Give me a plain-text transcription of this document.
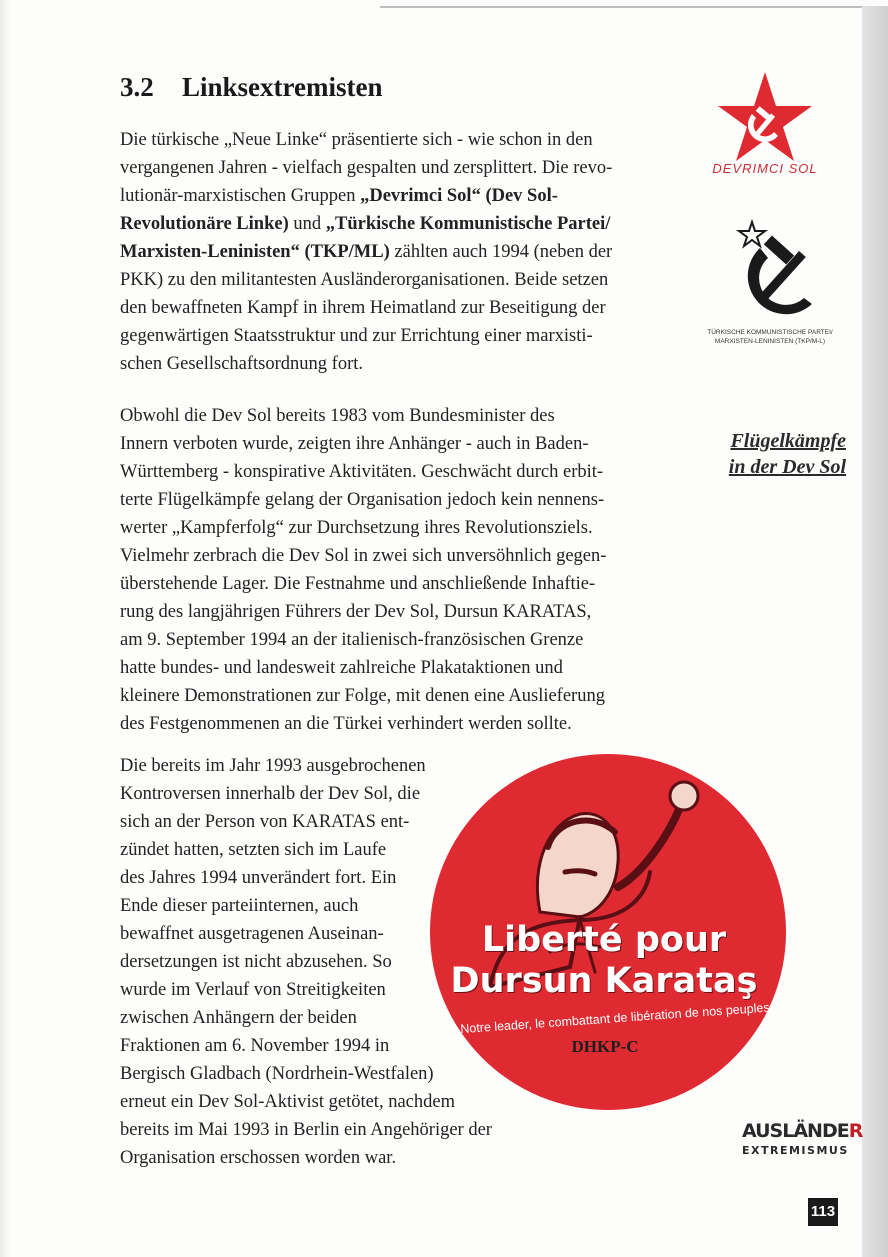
3.2 Linksextremisten
Die türkische „Neue Linke“ präsentierte sich - wie schon in den
vergangenen Jahren - vielfach gespalten und zersplittert. Die revo-
lutionär-marxistischen Gruppen „Devrimci Sol“ (Dev Sol-
Revolutionäre Linke) und „Türkische Kommunistische Partei/
Marxisten-Leninisten“ (TKP/ML) zählten auch 1994 (neben der
PKK) zu den militantesten Ausländerorganisationen. Beide setzen
den bewaffneten Kampf in ihrem Heimatland zur Beseitigung der
gegenwärtigen Staatsstruktur und zur Errichtung einer marxisti-
schen Gesellschaftsordnung fort.
Obwohl die Dev Sol bereits 1983 vom Bundesminister des
Innern verboten wurde, zeigten ihre Anhänger - auch in Baden-
Württemberg - konspirative Aktivitäten. Geschwächt durch erbit-
terte Flügelkämpfe gelang der Organisation jedoch kein nennens-
werter „Kampferfolg“ zur Durchsetzung ihres Revolutionsziels.
Vielmehr zerbrach die Dev Sol in zwei sich unversöhnlich gegen-
überstehende Lager. Die Festnahme und anschließende Inhaftie-
rung des langjährigen Führers der Dev Sol, Dursun KARATAS,
am 9. September 1994 an der italienisch-französischen Grenze
hatte bundes- und landesweit zahlreiche Plakataktionen und
kleinere Demonstrationen zur Folge, mit denen eine Auslieferung
des Festgenommenen an die Türkei verhindert werden sollte.
Die bereits im Jahr 1993 ausgebrochenen
Kontroversen innerhalb der Dev Sol, die
sich an der Person von KARATAS ent-
zündet hatten, setzten sich im Laufe
des Jahres 1994 unverändert fort. Ein
Ende dieser parteiinternen, auch
bewaffnet ausgetragenen Auseinan-
dersetzungen ist nicht abzusehen. So
wurde im Verlauf von Streitigkeiten
zwischen Anhängern der beiden
Fraktionen am 6. November 1994 in
Bergisch Gladbach (Nordrhein-Westfalen)
erneut ein Dev Sol-Aktivist getötet, nachdem
bereits im Mai 1993 in Berlin ein Angehöriger der
Organisation erschossen worden war.
DEVRIMCI SOL
TÜRKISCHE KOMMUNISTISCHE PARTEI/
MARXISTEN-LENINISTEN (TKP/M-L)
Flügelkämpfe
in der Dev Sol
Liberté pour
Dursun Karataş
Notre leader, le combattant de libération de nos peuples
DHKP-C
AUSLÄNDER
EXTREMISMUS
113
